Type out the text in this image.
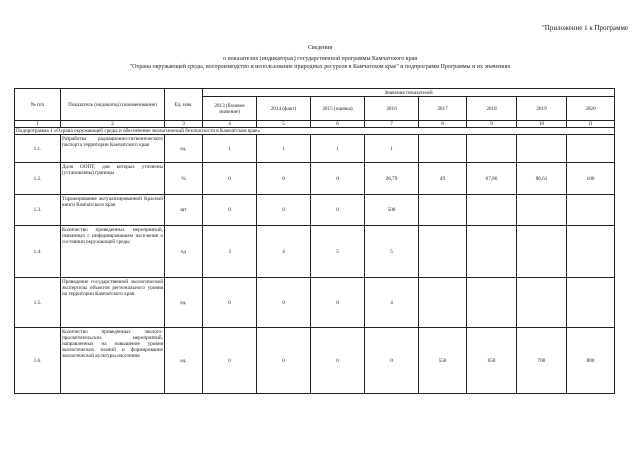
"Приложение 1 к Программе
Сведения
о показателях (индикаторах) государственной программы Камчатского края
"Охрана окружающей среды, воспроизводство и использование природных ресурсов в Камчатском крае" и подпрограмм Программы и их значениях
№ п/п	Показатель (индикатор) (наименование)	Ед. изм.	Значения показателей							
			2013 (базовое значение)	2014 (факт)	2015 (оценка)	2016	2017	2018	2019	2020
1	2	3	4	5	6	7	8	9	10	11
Подпрограмма 1 «Охрана окружающей среды и обеспечение экологической безопасности в Камчатском крае»										
1.1.	Разработка радиационно-гигиенического паспорта территории Камчатского края	ед.	1	1	1	1				
1.2.	Доля ООПТ, для которых уточнены (установлены) границы	%	0	0	0	26,79	49	67,86	86,61	100
1.3.	Тиражирование актуализированной Красной книги Камчатского края	шт	0	0	0	500				
1.4.	Количество проведенных мероприятий, связанных с информированием населения о состоянии окружающей среды	ед	3	4	5	5				
1.5.	Проведение государственной экологической экспертизы объектов регионального уровня на территории Камчатского края	ед.	0	0	0	4				
1.6.	Количество проведенных эколого-просветительских мероприятий, направленных на повышение уровня экологических знаний и формирование экологической культуры населения	ед.	0	0	0	0	550	650	700	800
